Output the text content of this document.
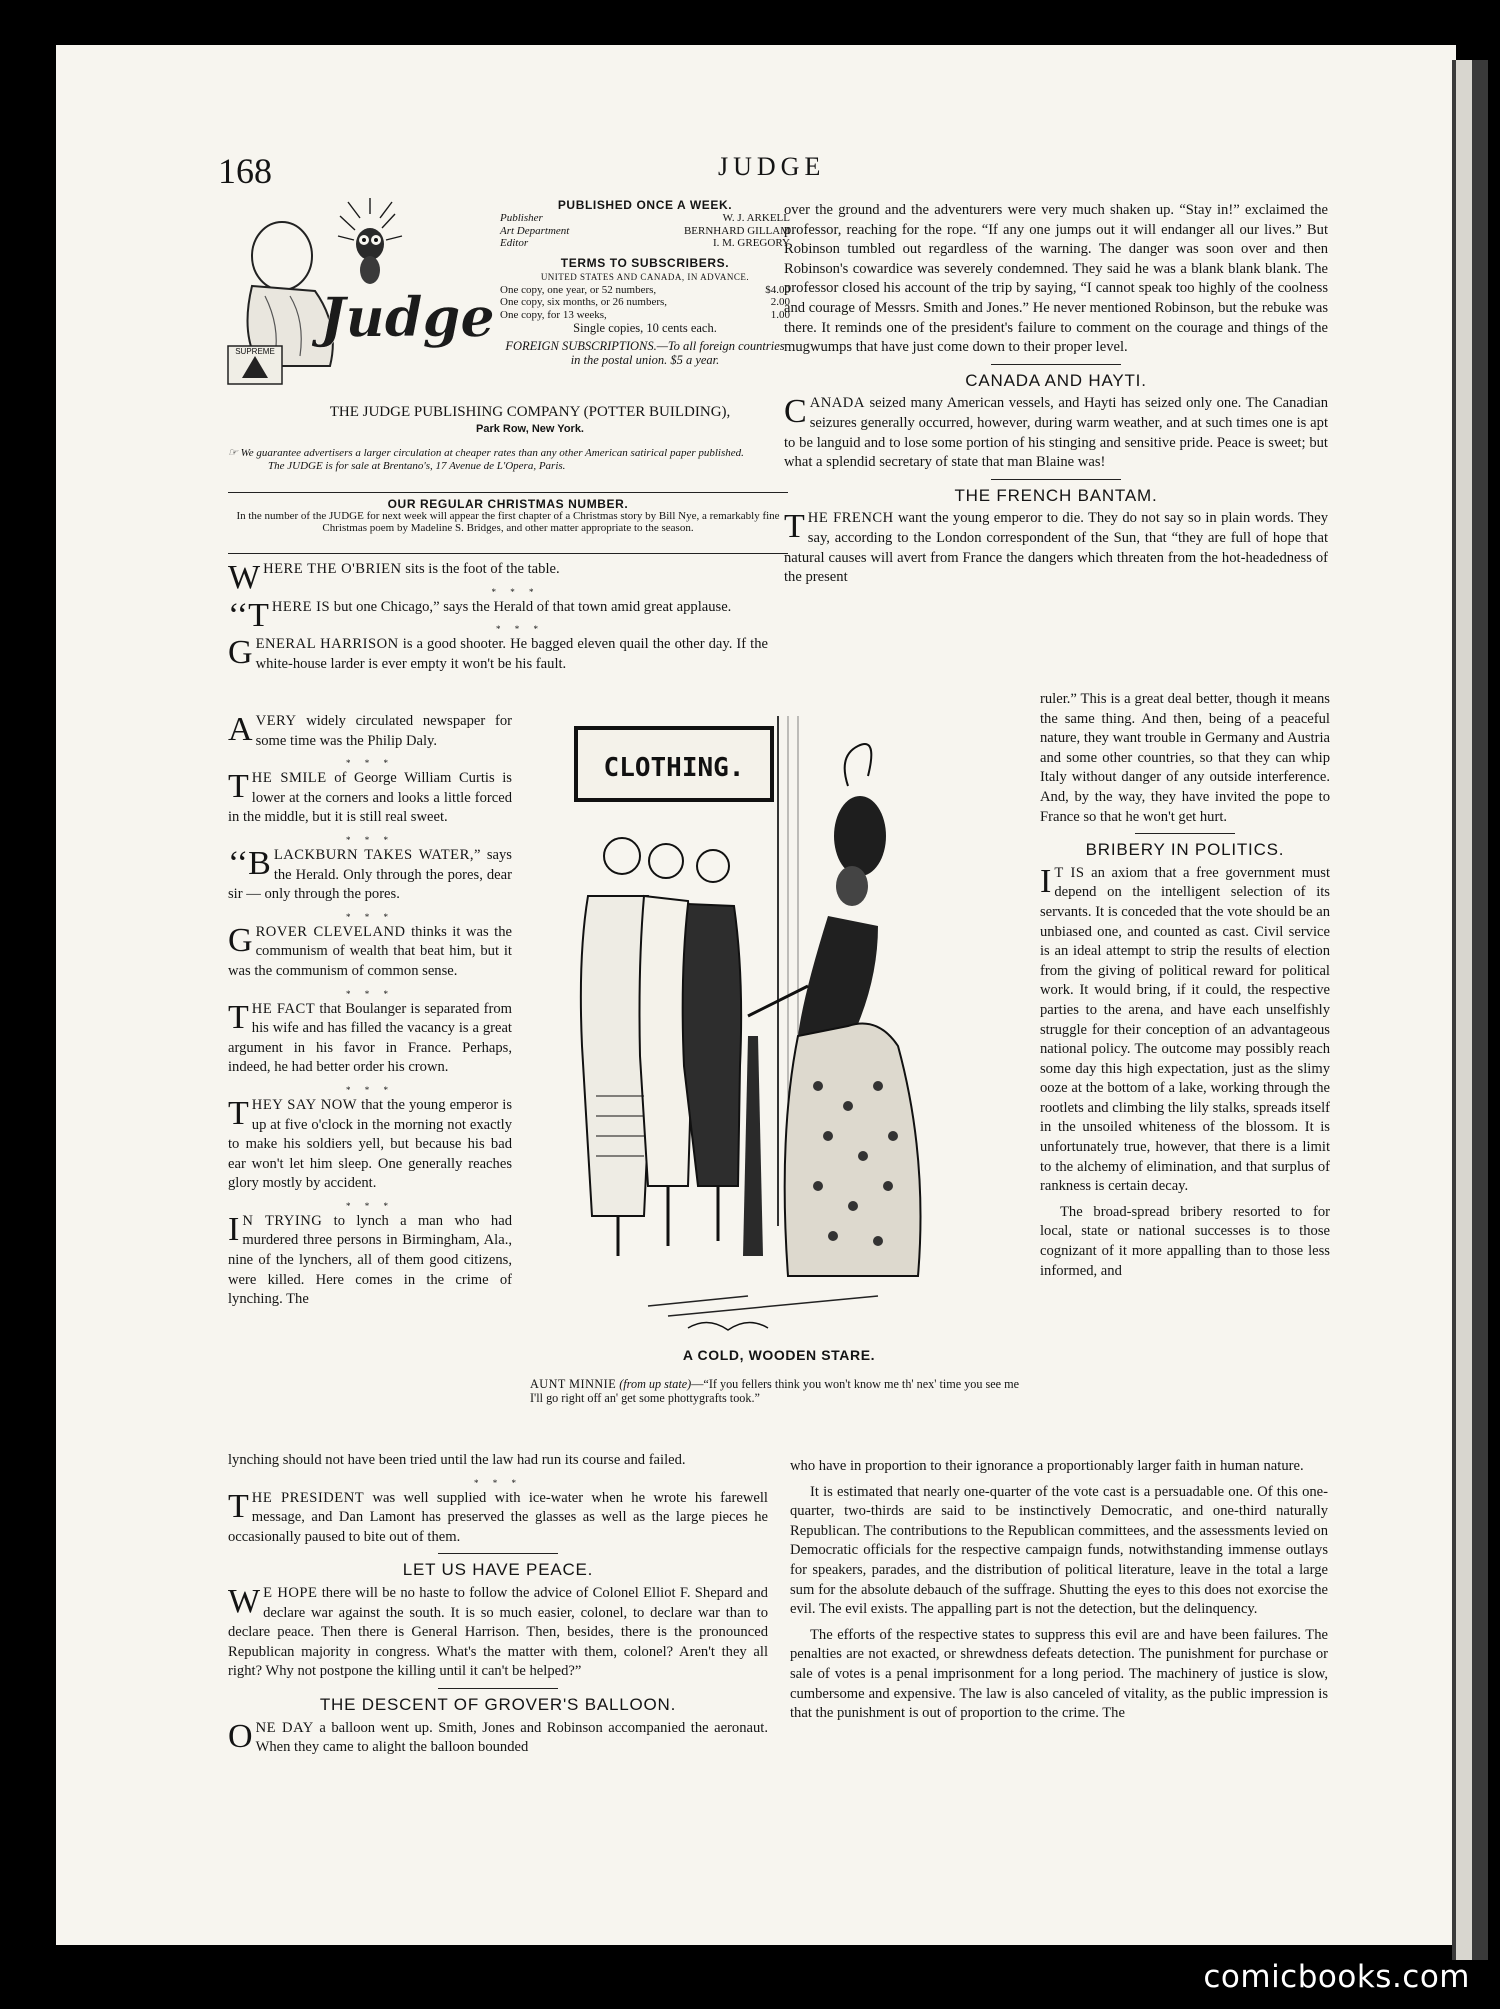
168	JUDGE
SUPREME
Judge
PUBLISHED ONCE A WEEK.
Publisher	W. J. ARKELL
Art Department	BERNHARD GILLAM
Editor	I. M. GREGORY
TERMS TO SUBSCRIBERS.
UNITED STATES AND CANADA, IN ADVANCE.
One copy, one year, or 52 numbers,	$4.00
One copy, six months, or 26 numbers,	2.00
One copy, for 13 weeks,	1.00
Single copies, 10 cents each.
FOREIGN SUBSCRIPTIONS.—To all foreign countries in the postal union. $5 a year.
THE JUDGE PUBLISHING COMPANY (POTTER BUILDING),
Park Row, New York.
☞ We guarantee advertisers a larger circulation at cheaper rates than any other American satirical paper published.
The JUDGE is for sale at Brentano's, 17 Avenue de L'Opera, Paris.
OUR REGULAR CHRISTMAS NUMBER.
In the number of the JUDGE for next week will appear the first chapter of a Christmas story by Bill Nye, a remarkably fine Christmas poem by Madeline S. Bridges, and other matter appropriate to the season.

WHERE THE O'BRIEN sits is the foot of the table.

* * *

‘‘T HERE IS but one Chicago,” says the Herald of that town amid great applause.

* * *

GENERAL HARRISON is a good shooter. He bagged eleven quail the other day. If the white-house larder is ever empty it won't be his fault.

AVERY widely circulated newspaper for some time was the Philip Daly.

* * *

THE SMILE of George William Curtis is lower at the corners and looks a little forced in the middle, but it is still real sweet.

* * *

‘‘B LACKBURN TAKES WATER,” says the Herald. Only through the pores, dear sir — only through the pores.

* * *

GROVER CLEVELAND thinks it was the communism of wealth that beat him, but it was the communism of common sense.

* * *

THE FACT that Boulanger is separated from his wife and has filled the vacancy is a great argument in his favor in France. Perhaps, indeed, he had better order his crown.

* * *

THEY SAY NOW that the young emperor is up at five o'clock in the morning not exactly to make his soldiers yell, but because his bad ear won't let him sleep. One generally reaches glory mostly by accident.

* * *

I N TRYING to lynch a man who had murdered three persons in Birmingham, Ala., nine of the lynchers, all of them good citizens, were killed. Here comes in the crime of lynching. The

lynching should not have been tried until the law had run its course and failed.

* * *

THE PRESIDENT was well supplied with ice-water when he wrote his farewell message, and Dan Lamont has preserved the glasses as well as the large pieces he occasionally paused to bite out of them.

LET US HAVE PEACE.

W E HOPE there will be no haste to follow the advice of Colonel Elliot F. Shepard and declare war against the south. It is so much easier, colonel, to declare war than to declare peace. Then there is General Harrison. Then, besides, there is the pronounced Republican majority in congress. What's the matter with them, colonel? Aren't they all right? Why not postpone the killing until it can't be helped?”

THE DESCENT OF GROVER'S BALLOON.

ONE DAY a balloon went up. Smith, Jones and Robinson accompanied the aeronaut. When they came to alight the balloon bounded

over the ground and the adventurers were very much shaken up. “Stay in!” exclaimed the professor, reaching for the rope. “If any one jumps out it will endanger all our lives.” But Robinson tumbled out regardless of the warning. The danger was soon over and then Robinson's cowardice was severely condemned. They said he was a blank blank blank. The professor closed his account of the trip by saying, “I cannot speak too highly of the coolness and courage of Messrs. Smith and Jones.” He never mentioned Robinson, but the rebuke was there. It reminds one of the president's failure to comment on the courage and things of the mugwumps that have just come down to their proper level.

CANADA AND HAYTI.

CANADA seized many American vessels, and Hayti has seized only one. The Canadian seizures generally occurred, however, during warm weather, and at such times one is apt to be languid and to lose some portion of his stinging and sensitive pride. Peace is sweet; but what a splendid secretary of state that man Blaine was!

THE FRENCH BANTAM.

THE FRENCH want the young emperor to die. They do not say so in plain words. They say, according to the London correspondent of the Sun, that “they are full of hope that natural causes will avert from France the dangers which threaten from the hot-headedness of the present

ruler.” This is a great deal better, though it means the same thing. And then, being of a peaceful nature, they want trouble in Germany and Austria and some other countries, so that they can whip Italy without danger of any outside interference. And, by the way, they have invited the pope to France so that he won't get hurt.

BRIBERY IN POLITICS.

I T IS an axiom that a free government must depend on the intelligent selection of its servants. It is conceded that the vote should be an unbiased one, and counted as cast. Civil service is an ideal attempt to strip the results of election from the giving of political reward for political work. It would bring, if it could, the respective parties to the arena, and have each unselfishly struggle for their conception of an advantageous national policy. The outcome may possibly reach some day this high expectation, just as the slimy ooze at the bottom of a lake, working through the rootlets and climbing the lily stalks, spreads itself in the unsoiled whiteness of the blossom. It is unfortunately true, however, that there is a limit to the alchemy of elimination, and that surplus of rankness is certain decay.

The broad-spread bribery resorted to for local, state or national successes is to those cognizant of it more appalling than to those less informed, and

who have in proportion to their ignorance a proportionably larger faith in human nature.

It is estimated that nearly one-quarter of the vote cast is a persuadable one. Of this one-quarter, two-thirds are said to be instinctively Democratic, and one-third naturally Republican. The contributions to the Republican committees, and the assessments levied on Democratic officials for the respective campaign funds, notwithstanding immense outlays for speakers, parades, and the distribution of political literature, leave in the total a large sum for the absolute debauch of the suffrage. Shutting the eyes to this does not exorcise the evil. The evil exists. The appalling part is not the detection, but the delinquency.

The efforts of the respective states to suppress this evil are and have been failures. The penalties are not exacted, or shrewdness defeats detection. The punishment for purchase or sale of votes is a penal imprisonment for a long period. The machinery of justice is slow, cumbersome and expensive. The law is also canceled of vitality, as the public impression is that the punishment is out of proportion to the crime. The

CLOTHING.
A COLD, WOODEN STARE.
AUNT MINNIE (from up state)—“If you fellers think you won't know me th' nex' time you see me I'll go right off an' get some phottygrafts took.”
comicbooks.com
